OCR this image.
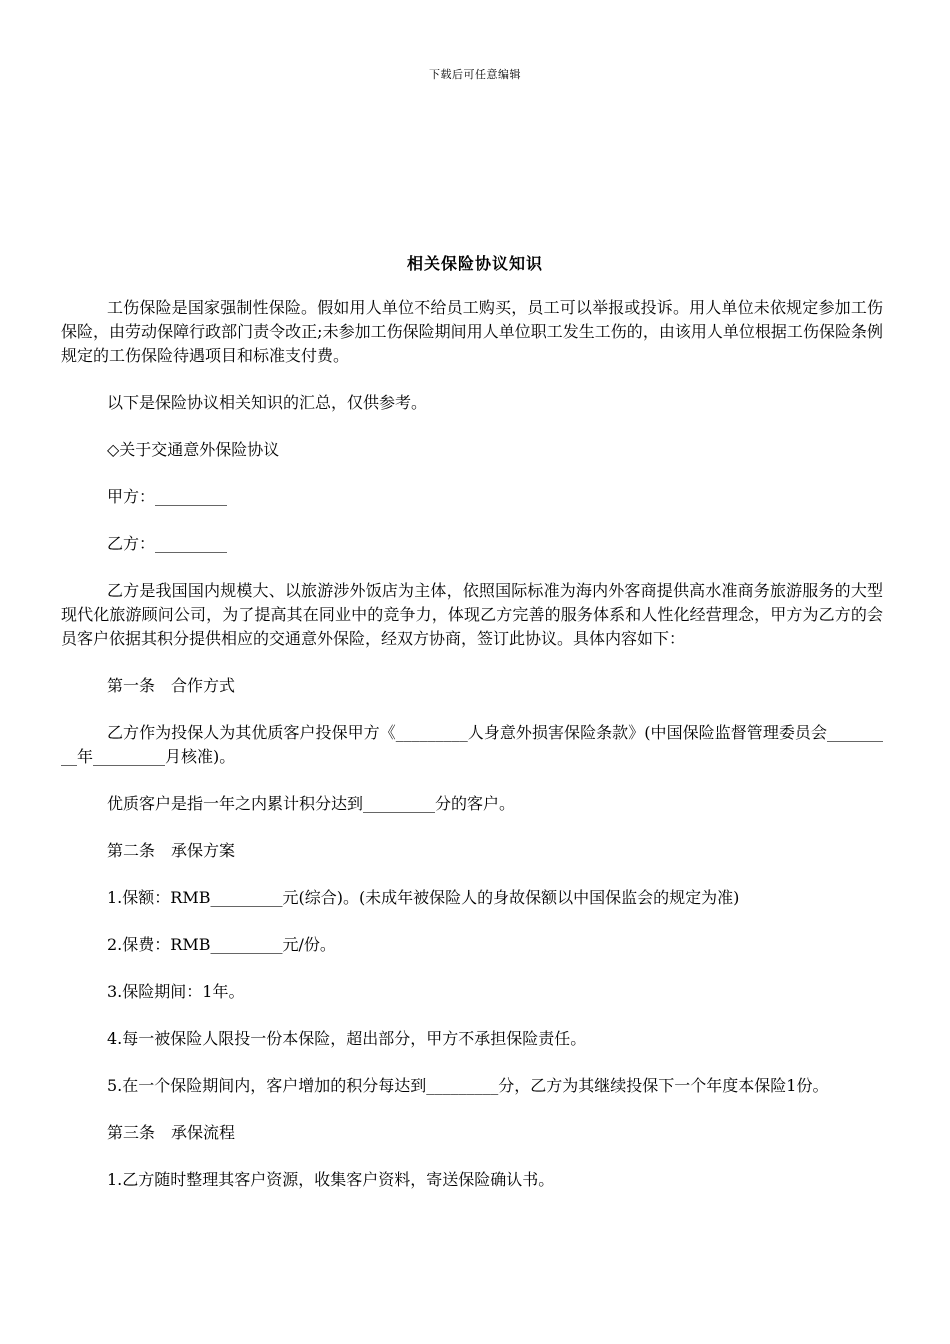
下载后可任意编辑
相关保险协议知识

工伤保险是国家强制性保险。假如用人单位不给员工购买，员工可以举报或投诉。用人单位未依规定参加工伤保险，由劳动保障行政部门责令改正;未参加工伤保险期间用人单位职工发生工伤的，由该用人单位根据工伤保险条例规定的工伤保险待遇项目和标准支付费。

以下是保险协议相关知识的汇总，仅供参考。

◇关于交通意外保险协议

甲方：_________

乙方：_________

乙方是我国国内规模大、以旅游涉外饭店为主体，依照国际标准为海内外客商提供高水准商务旅游服务的大型现代化旅游顾问公司，为了提高其在同业中的竞争力，体现乙方完善的服务体系和人性化经营理念，甲方为乙方的会员客户依据其积分提供相应的交通意外保险，经双方协商，签订此协议。具体内容如下：

第一条　合作方式

乙方作为投保人为其优质客户投保甲方《_________人身意外损害保险条款》(中国保险监督管理委员会_________年_________月核准)。

优质客户是指一年之内累计积分达到_________分的客户。

第二条　承保方案

1.保额：RMB_________元(综合)。(未成年被保险人的身故保额以中国保监会的规定为准)

2.保费：RMB_________元/份。

3.保险期间：1年。

4.每一被保险人限投一份本保险，超出部分，甲方不承担保险责任。

5.在一个保险期间内，客户增加的积分每达到_________分，乙方为其继续投保下一个年度本保险1份。

第三条　承保流程

1.乙方随时整理其客户资源，收集客户资料，寄送保险确认书。
